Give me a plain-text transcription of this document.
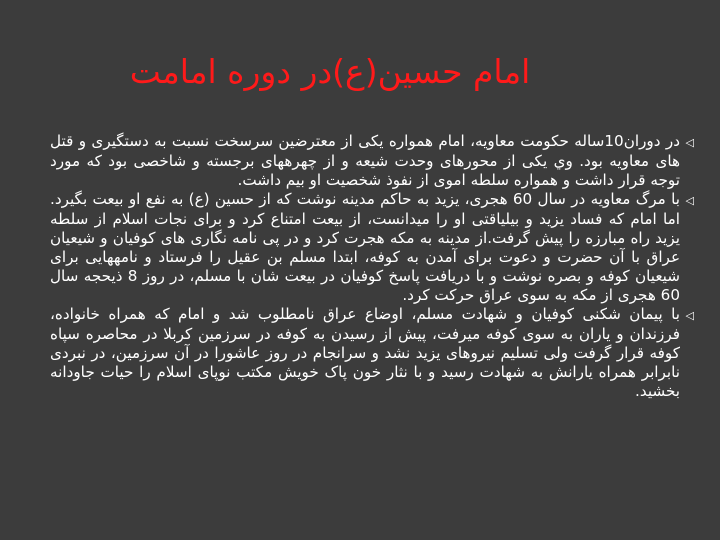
امام حسین(ع)در دوره امامت

◁در دوران10ساله حکومت معاویه، امام همواره یکی از معترضین سرسخت نسبت به دستگیری و قتل های معاویه بود. وي يکی از محورهای وحدت شیعه و از چهرههای برجسته و شاخصی بود که مورد توجه قرار داشت و همواره سلطه اموی از نفوذ شخصیت او بیم داشت.

◁با مرگ معاویه در سال 60 هجری، یزید به حاکم مدینه نوشت که از حسین (ع) به نفع او بیعت بگیرد. اما امام که فساد یزید و بیلیاقتی او را میدانست، از بیعت امتناع کرد و برای نجات اسلام از سلطه یزید راه مبارزه را پیش گرفت.از مدینه به مکه هجرت کرد و در پی نامه نگاری های کوفیان و شیعیان عراق با آن حضرت و دعوت برای آمدن به کوفه، ابتدا مسلم بن عقیل را فرستاد و نامههایی برای شیعیان کوفه و بصره نوشت و با دریافت پاسخ کوفیان در بیعت شان با مسلم، در روز 8 ذیحجه سال 60 هجری از مکه به سوی عراق حرکت کرد.

◁با پیمان شکنی کوفیان و شهادت مسلم، اوضاع عراق نامطلوب شد و امام که همراه خانواده، فرزندان و یاران به سوی کوفه میرفت، پیش از رسیدن به کوفه در سرزمین کربلا در محاصره سپاه کوفه قرار گرفت ولی تسلیم نیروهای یزید نشد و سرانجام در روز عاشورا در آن سرزمین، در نبردی نابرابر همراه یارانش به شهادت رسید و با نثار خون پاک خویش مکتب نوپای اسلام را حیات جاودانه بخشید.
